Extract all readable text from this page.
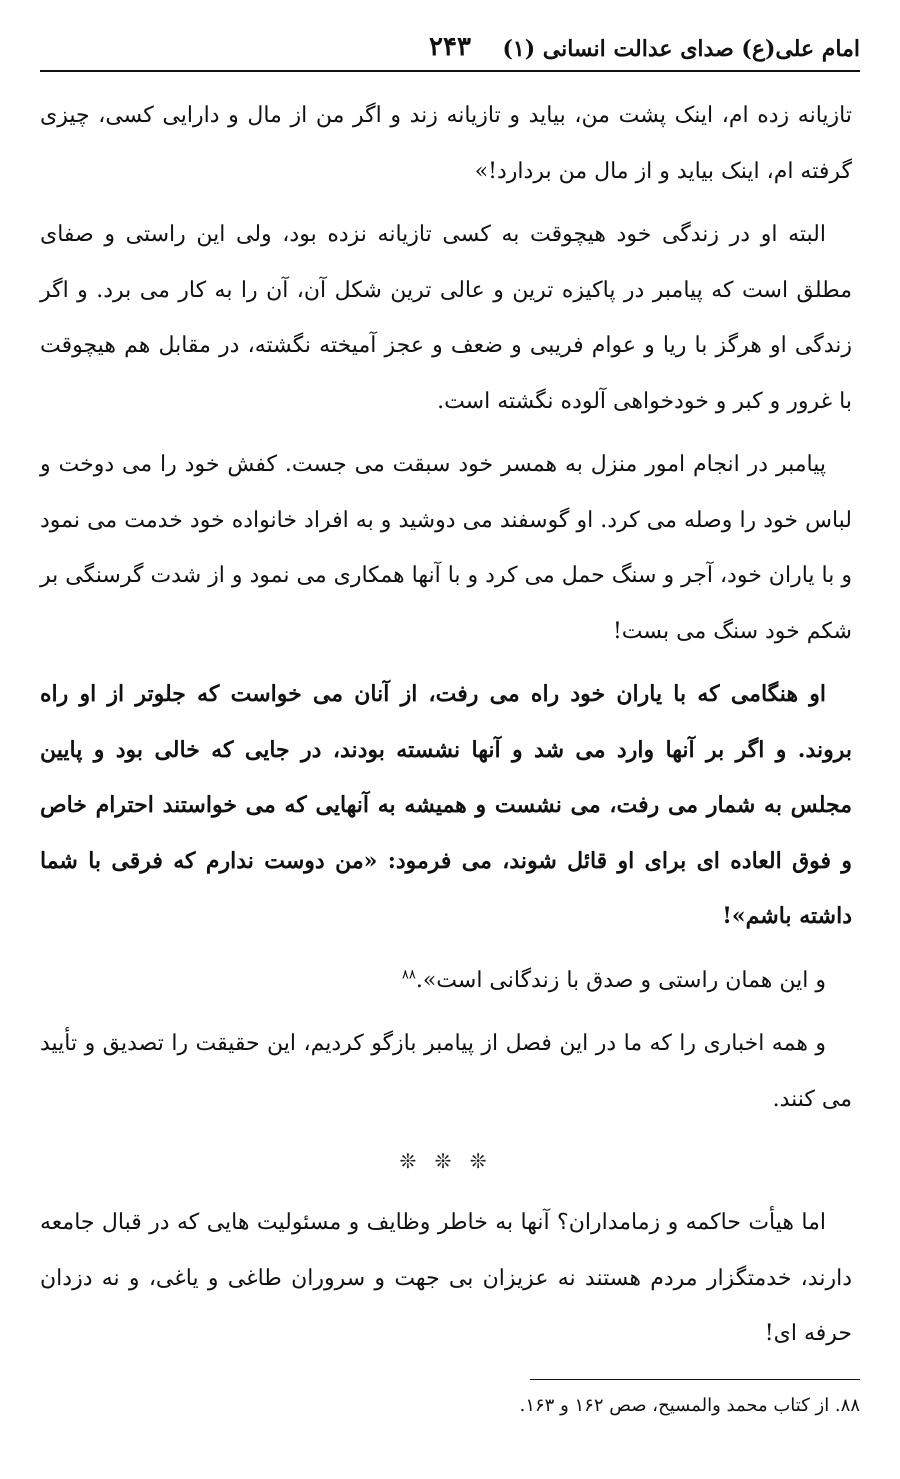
امام علی(ع) صدای عدالت انسانی (۱)
۲۴۳

تازیانه زده ام، اینک پشت من، بیاید و تازیانه زند و اگر من از مال و دارایی کسی، چیزی گرفته ام، اینک بیاید و از مال من بردارد!»

البته او در زندگی خود هیچوقت به کسی تازیانه نزده بود، ولی این راستی و صفای مطلق است که پیامبر در پاکیزه ترین و عالی ترین شکل آن، آن را به کار می برد. و اگر زندگی او هرگز با ریا و عوام فریبی و ضعف و عجز آمیخته نگشته، در مقابل هم هیچوقت با غرور و کبر و خودخواهی آلوده نگشته است.

پیامبر در انجام امور منزل به همسر خود سبقت می جست. کفش خود را می دوخت و لباس خود را وصله می کرد. او گوسفند می دوشید و به افراد خانواده خود خدمت می نمود و با یاران خود، آجر و سنگ حمل می کرد و با آنها همکاری می نمود و از شدت گرسنگی بر شکم خود سنگ می بست!

او هنگامی که با یاران خود راه می رفت، از آنان می خواست که جلوتر از او راه بروند. و اگر بر آنها وارد می شد و آنها نشسته بودند، در جایی که خالی بود و پایین مجلس به شمار می رفت، می نشست و همیشه به آنهایی که می خواستند احترام خاص و فوق العاده ای برای او قائل شوند، می فرمود: «من دوست ندارم که فرقی با شما داشته باشم»!

و این همان راستی و صدق با زندگانی است».$^{۸۸}$

و همه اخباری را که ما در این فصل از پیامبر بازگو کردیم، این حقیقت را تصدیق و تأیید می کنند.

❊ ❊ ❊

اما هیأت حاکمه و زمامداران؟ آنها به خاطر وظایف و مسئولیت هایی که در قبال جامعه دارند، خدمتگزار مردم هستند نه عزیزان بی جهت و سروران طاغی و یاغی، و نه دزدان حرفه ای!

۸۸. از کتاب محمد والمسیح، صص ۱۶۲ و ۱۶۳.
